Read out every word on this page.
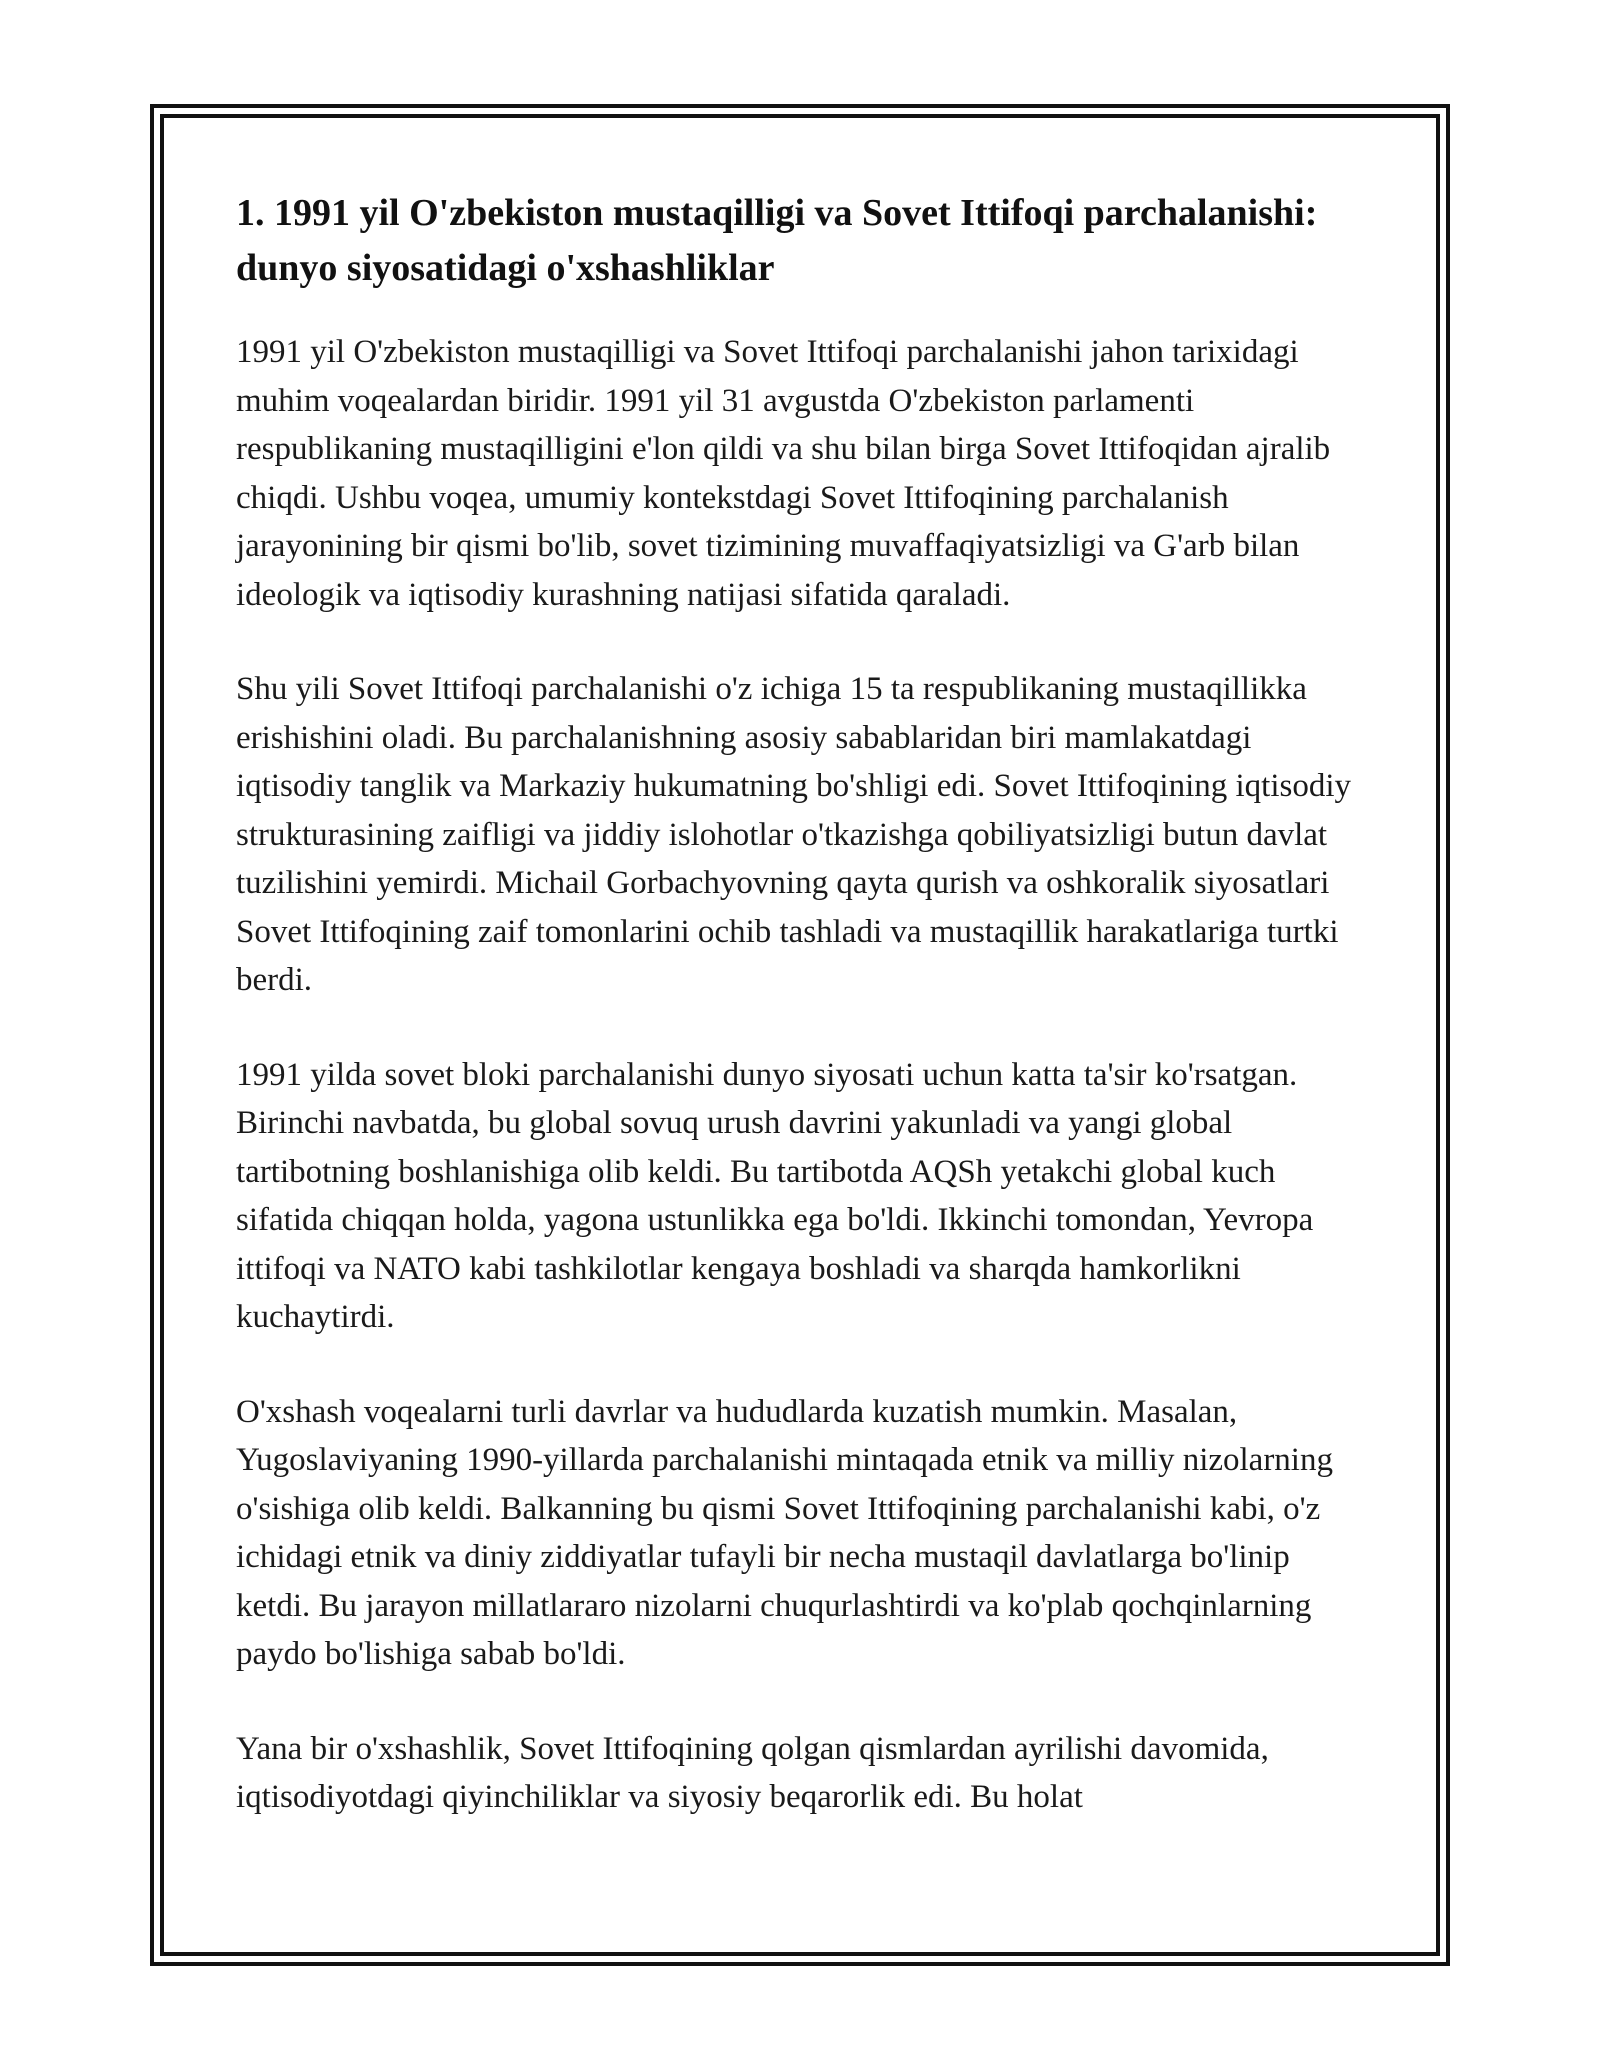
1. 1991 yil O'zbekiston mustaqilligi va Sovet Ittifoqi parchalanishi: dunyo siyosatidagi o'xshashliklar

1991 yil O'zbekiston mustaqilligi va Sovet Ittifoqi parchalanishi jahon tarixidagi muhim voqealardan biridir. 1991 yil 31 avgustda O'zbekiston parlamenti respublikaning mustaqilligini e'lon qildi va shu bilan birga Sovet Ittifoqidan ajralib chiqdi. Ushbu voqea, umumiy kontekstdagi Sovet Ittifoqining parchalanish jarayonining bir qismi bo'lib, sovet tizimining muvaffaqiyatsizligi va G'arb bilan ideologik va iqtisodiy kurashning natijasi sifatida qaraladi.

Shu yili Sovet Ittifoqi parchalanishi o'z ichiga 15 ta respublikaning mustaqillikka erishishini oladi. Bu parchalanishning asosiy sabablaridan biri mamlakatdagi iqtisodiy tanglik va Markaziy hukumatning bo'shligi edi. Sovet Ittifoqining iqtisodiy strukturasining zaifligi va jiddiy islohotlar o'tkazishga qobiliyatsizligi butun davlat tuzilishini yemirdi. Michail Gorbachyovning qayta qurish va oshkoralik siyosatlari Sovet Ittifoqining zaif tomonlarini ochib tashladi va mustaqillik harakatlariga turtki berdi.

1991 yilda sovet bloki parchalanishi dunyo siyosati uchun katta ta'sir ko'rsatgan. Birinchi navbatda, bu global sovuq urush davrini yakunladi va yangi global tartibotning boshlanishiga olib keldi. Bu tartibotda AQSh yetakchi global kuch sifatida chiqqan holda, yagona ustunlikka ega bo'ldi. Ikkinchi tomondan, Yevropa ittifoqi va NATO kabi tashkilotlar kengaya boshladi va sharqda hamkorlikni kuchaytirdi.

O'xshash voqealarni turli davrlar va hududlarda kuzatish mumkin. Masalan, Yugoslaviyaning 1990-yillarda parchalanishi mintaqada etnik va milliy nizolarning o'sishiga olib keldi. Balkanning bu qismi Sovet Ittifoqining parchalanishi kabi, o'z ichidagi etnik va diniy ziddiyatlar tufayli bir necha mustaqil davlatlarga bo'linip ketdi. Bu jarayon millatlararo nizolarni chuqurlashtirdi va ko'plab qochqinlarning paydo bo'lishiga sabab bo'ldi.

Yana bir o'xshashlik, Sovet Ittifoqining qolgan qismlardan ayrilishi davomida, iqtisodiyotdagi qiyinchiliklar va siyosiy beqarorlik edi. Bu holat
